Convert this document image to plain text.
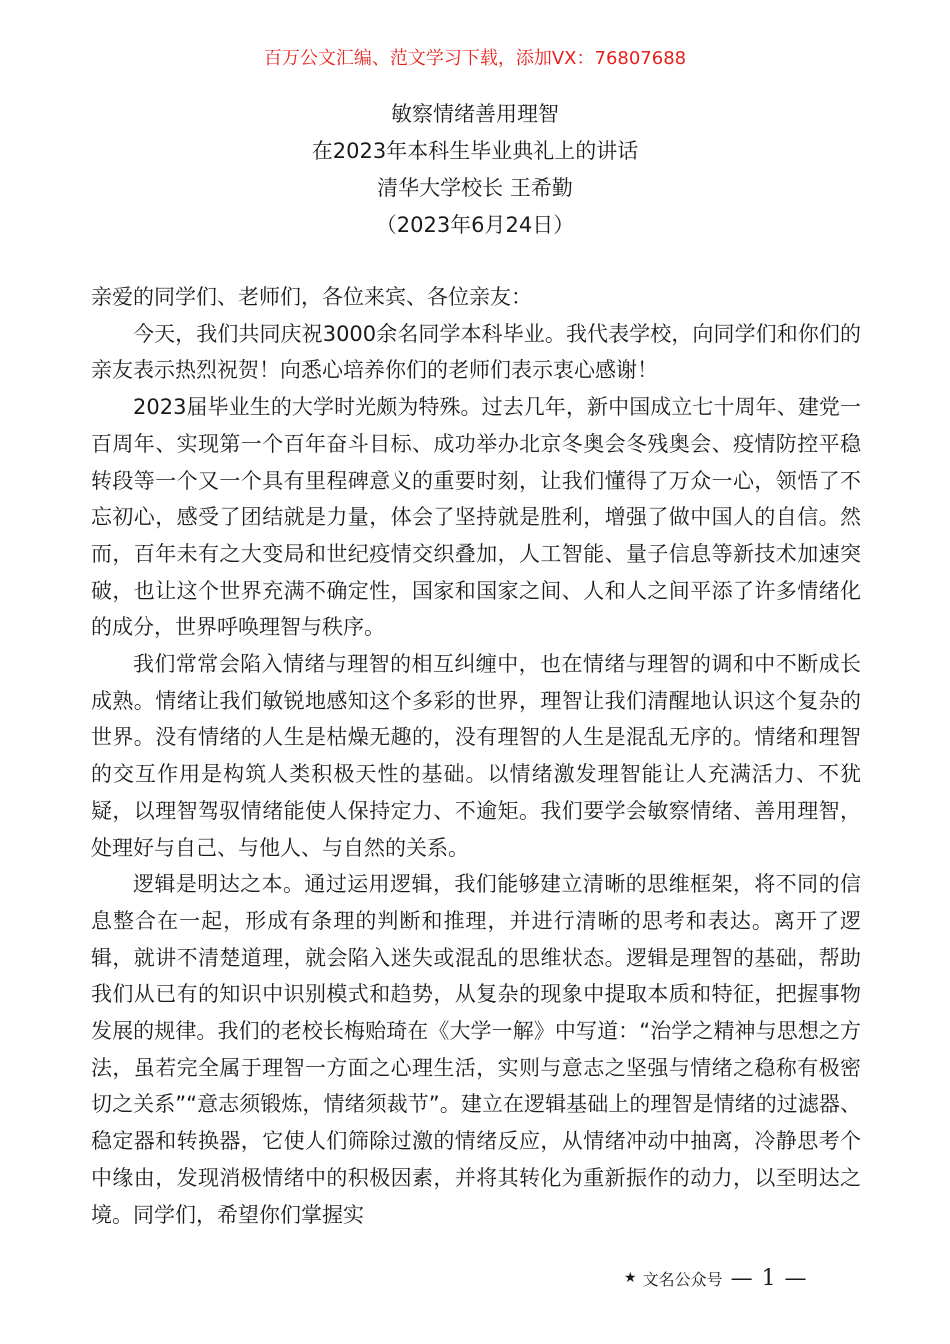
百万公文汇编、范文学习下载，添加VX：76807688
敏察情绪善用理智
在2023年本科生毕业典礼上的讲话
清华大学校长 王希勤
（2023年6月24日）

亲爱的同学们、老师们，各位来宾、各位亲友：

今天，我们共同庆祝3000余名同学本科毕业。我代表学校，向同学们和你们的亲友表示热烈祝贺！向悉心培养你们的老师们表示衷心感谢！

2023届毕业生的大学时光颇为特殊。过去几年，新中国成立七十周年、建党一百周年、实现第一个百年奋斗目标、成功举办北京冬奥会冬残奥会、疫情防控平稳转段等一个又一个具有里程碑意义的重要时刻，让我们懂得了万众一心，领悟了不忘初心，感受了团结就是力量，体会了坚持就是胜利，增强了做中国人的自信。然而，百年未有之大变局和世纪疫情交织叠加，人工智能、量子信息等新技术加速突破，也让这个世界充满不确定性，国家和国家之间、人和人之间平添了许多情绪化的成分，世界呼唤理智与秩序。

我们常常会陷入情绪与理智的相互纠缠中，也在情绪与理智的调和中不断成长成熟。情绪让我们敏锐地感知这个多彩的世界，理智让我们清醒地认识这个复杂的世界。没有情绪的人生是枯燥无趣的，没有理智的人生是混乱无序的。情绪和理智的交互作用是构筑人类积极天性的基础。以情绪激发理智能让人充满活力、不犹疑，以理智驾驭情绪能使人保持定力、不逾矩。我们要学会敏察情绪、善用理智，处理好与自己、与他人、与自然的关系。

逻辑是明达之本。通过运用逻辑，我们能够建立清晰的思维框架，将不同的信息整合在一起，形成有条理的判断和推理，并进行清晰的思考和表达。离开了逻辑，就讲不清楚道理，就会陷入迷失或混乱的思维状态。逻辑是理智的基础，帮助我们从已有的知识中识别模式和趋势，从复杂的现象中提取本质和特征，把握事物发展的规律。我们的老校长梅贻琦在《大学一解》中写道：“治学之精神与思想之方法，虽若完全属于理智一方面之心理生活，实则与意志之坚强与情绪之稳称有极密切之关系”“意志须锻炼，情绪须裁节”。建立在逻辑基础上的理智是情绪的过滤器、稳定器和转换器，它使人们筛除过激的情绪反应，从情绪冲动中抽离，冷静思考个中缘由，发现消极情绪中的积极因素，并将其转化为重新振作的动力，以至明达之境。同学们，希望你们掌握实

★ 文名公众号 — 1 —
